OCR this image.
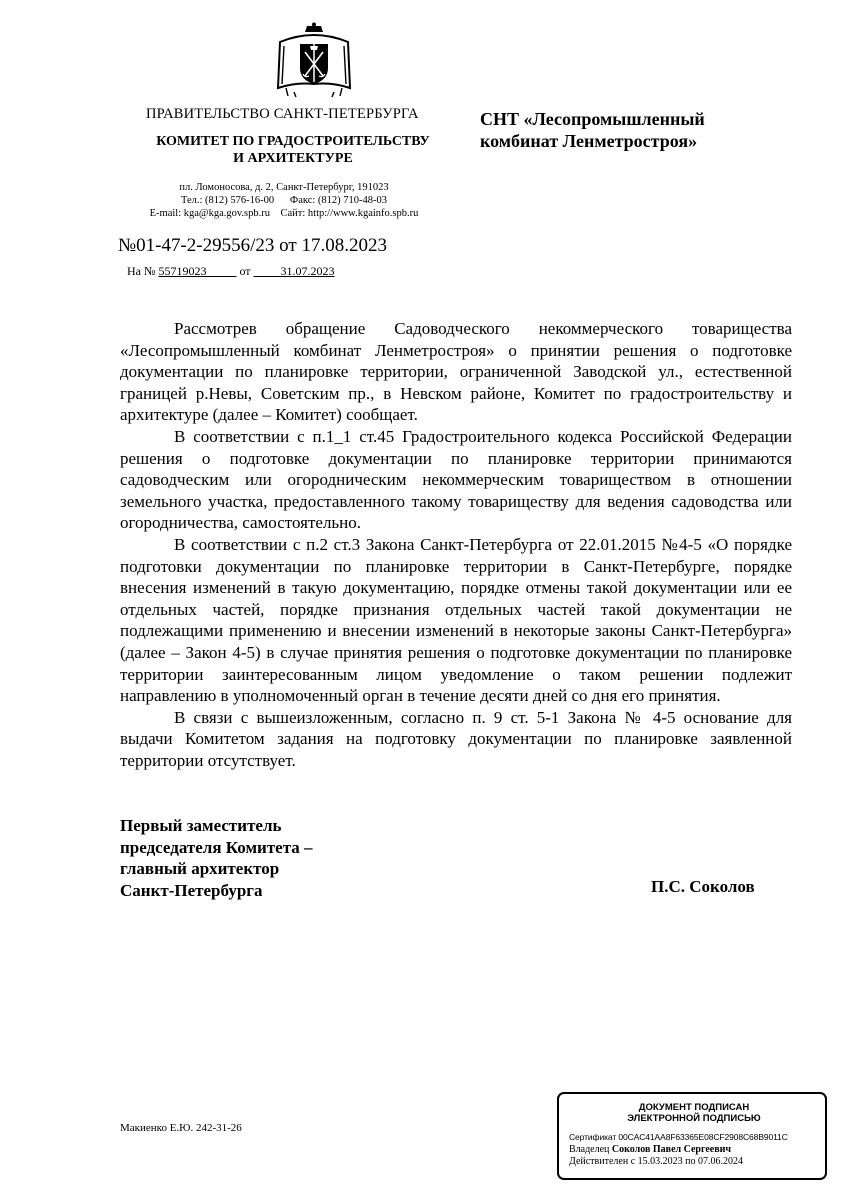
ПРАВИТЕЛЬСТВО САНКТ-ПЕТЕРБУРГА
КОМИТЕТ ПО ГРАДОСТРОИТЕЛЬСТВУ
И АРХИТЕКТУРЕ
пл. Ломоносова, д. 2, Санкт-Петербург, 191023
Тел.: (812) 576-16-00      Факс: (812) 710-48-03
E-mail: kga@kga.gov.spb.ru    Сайт: http://www.kgainfo.spb.ru
СНТ «Лесопромышленный
комбинат Ленметростроя»
№01-47-2-29556/23 от 17.08.2023
На № 55719023	от	31.07.2023

Рассмотрев обращение Садоводческого некоммерческого товарищества «Лесопромышленный комбинат Ленметростроя» о принятии решения о подготовке документации по планировке территории, ограниченной Заводской ул., естественной границей р.Невы, Советским пр., в Невском районе, Комитет по градостроительству и архитектуре (далее – Комитет) сообщает.

В соответствии с п.1_1 ст.45 Градостроительного кодекса Российской Федерации решения о подготовке документации по планировке территории принимаются садоводческим или огородническим некоммерческим товариществом в отношении земельного участка, предоставленного такому товариществу для ведения садоводства или огородничества, самостоятельно.

В соответствии с п.2 ст.3 Закона Санкт-Петербурга от 22.01.2015 №4-5 «О порядке подготовки документации по планировке территории в Санкт-Петербурге, порядке внесения изменений в такую документацию, порядке отмены такой документации или ее отдельных частей, порядке признания отдельных частей такой документации не подлежащими применению и внесении изменений в некоторые законы Санкт-Петербурга» (далее – Закон 4-5) в случае принятия решения о подготовке документации по планировке территории заинтересованным лицом уведомление о таком решении подлежит направлению в уполномоченный орган в течение десяти дней со дня его принятия.

В связи с вышеизложенным, согласно п. 9 ст. 5-1 Закона № 4-5 основание для выдачи Комитетом задания на подготовку документации по планировке заявленной территории отсутствует.

Первый заместитель
председателя Комитета –
главный архитектор
Санкт-Петербурга	П.С. Соколов
Макиенко Е.Ю. 242-31-26
ДОКУМЕНТ ПОДПИСАН
ЭЛЕКТРОННОЙ ПОДПИСЬЮ
Сертификат 00CAC41AA8F63365E08CF2908C68B9011C
Владелец Соколов Павел Сергеевич
Действителен с 15.03.2023 по 07.06.2024
